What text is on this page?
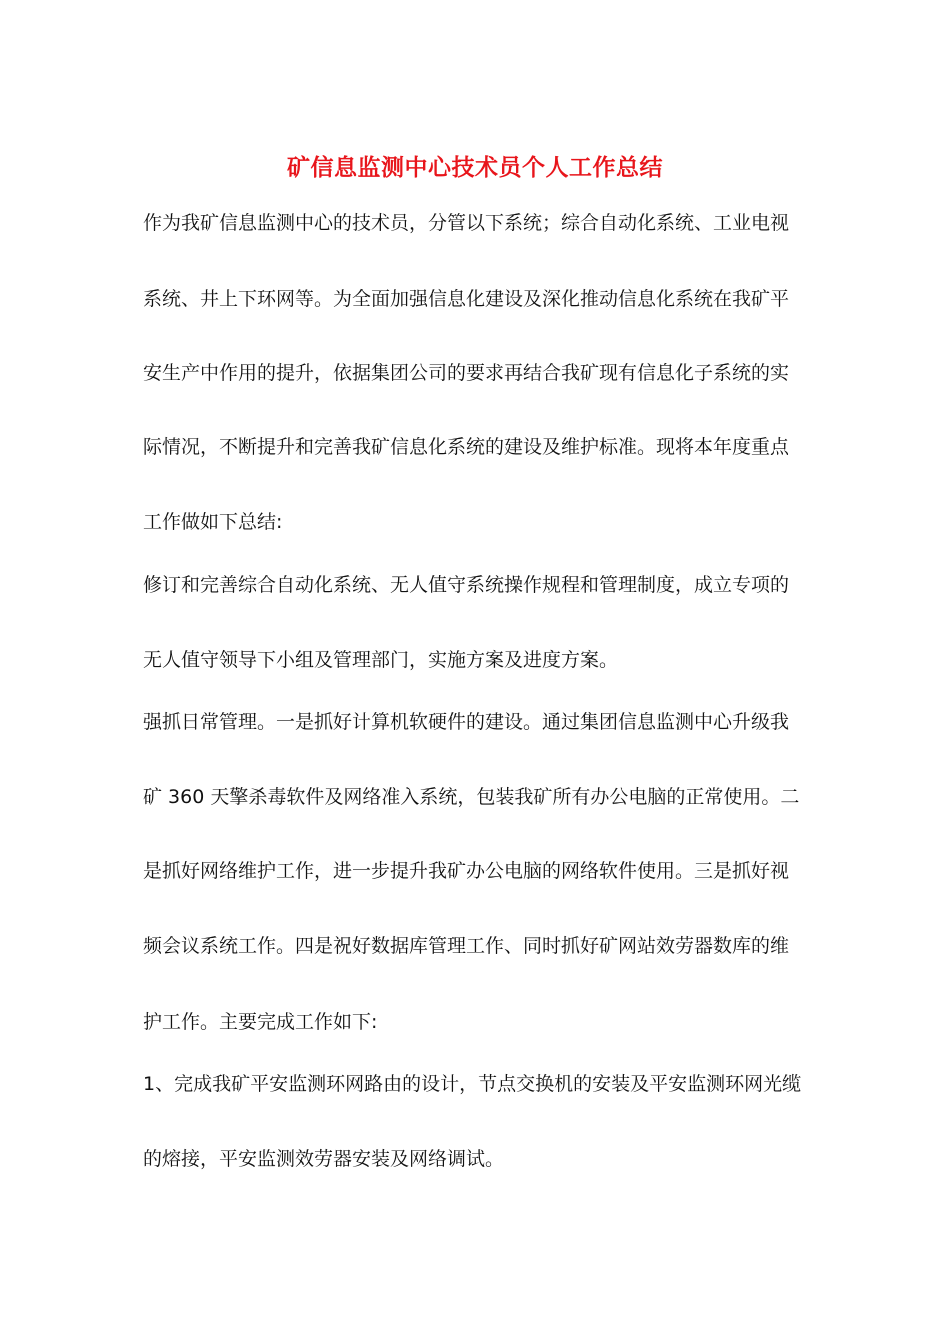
矿信息监测中心技术员个人工作总结
作为我矿信息监测中心的技术员，分管以下系统；综合自动化系统、工业电视
系统、井上下环网等。为全面加强信息化建设及深化推动信息化系统在我矿平
安生产中作用的提升，依据集团公司的要求再结合我矿现有信息化子系统的实
际情况，不断提升和完善我矿信息化系统的建设及维护标准。现将本年度重点
工作做如下总结:
修订和完善综合自动化系统、无人值守系统操作规程和管理制度，成立专项的
无人值守领导下小组及管理部门，实施方案及进度方案。
强抓日常管理。一是抓好计算机软硬件的建设。通过集团信息监测中心升级我
矿 360 天擎杀毒软件及网络准入系统，包装我矿所有办公电脑的正常使用。二
是抓好网络维护工作，进一步提升我矿办公电脑的网络软件使用。三是抓好视
频会议系统工作。四是祝好数据库管理工作、同时抓好矿网站效劳器数库的维
护工作。主要完成工作如下:
1、完成我矿平安监测环网路由的设计，节点交换机的安装及平安监测环网光缆
的熔接，平安监测效劳器安装及网络调试。
